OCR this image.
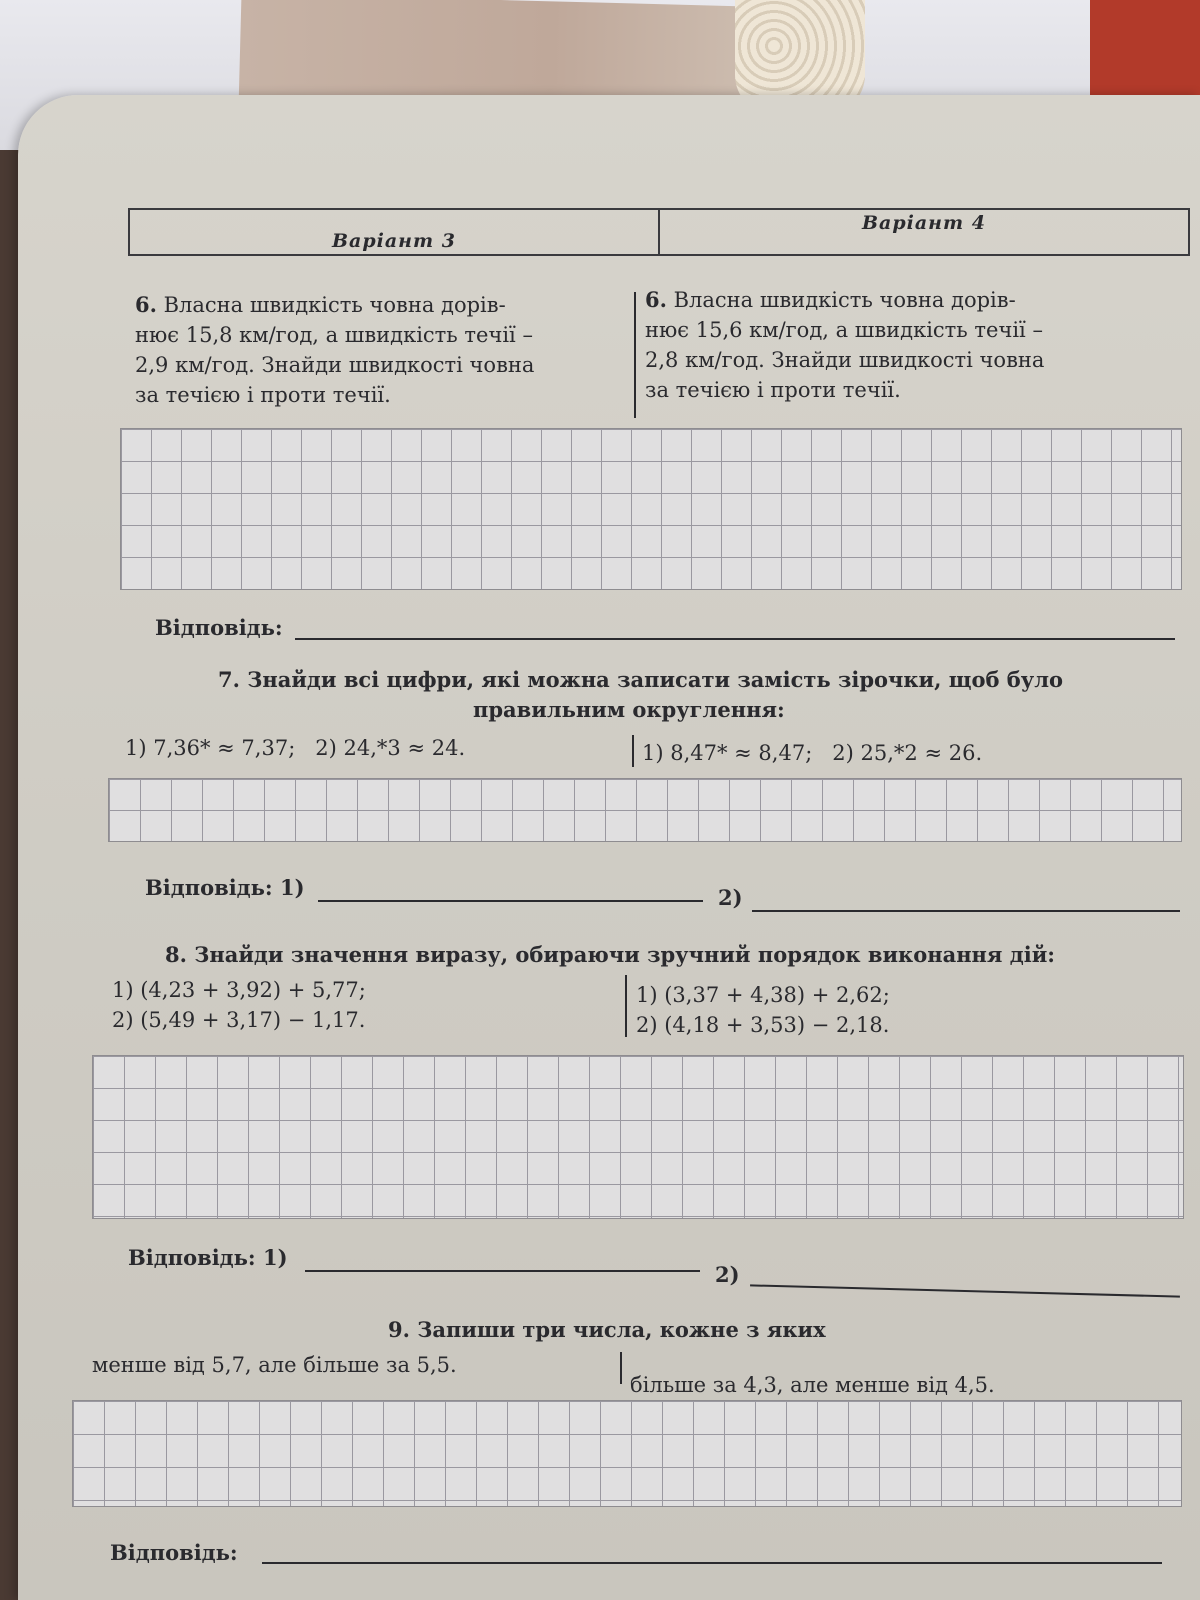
Варіант 3
Варіант 4
6. Власна швидкість човна дорів-
нює 15,8 км/год, а швидкість течії –
2,9 км/год. Знайди швидкості човна
за течією і проти течії.
6. Власна швидкість човна дорів-
нює 15,6 км/год, а швидкість течії –
2,8 км/год. Знайди швидкості човна
за течією і проти течії.
Відповідь:
7. Знайди всі цифри, які можна записати замість зірочки, щоб було
правильним округлення:
1) 7,36* ≈ 7,37;   2) 24,*3 ≈ 24.	1) 8,47* ≈ 8,47;   2) 25,*2 ≈ 26.
Відповідь: 1)	2)
8. Знайди значення виразу, обираючи зручний порядок виконання дій:
1) (4,23 + 3,92) + 5,77;
2) (5,49 + 3,17) − 1,17.
1) (3,37 + 4,38) + 2,62;
2) (4,18 + 3,53) − 2,18.
Відповідь: 1)
2)
9. Запиши три числа, кожне з яких
менше від 5,7, але більше за 5,5.
більше за 4,3, але менше від 4,5.
Відповідь:
